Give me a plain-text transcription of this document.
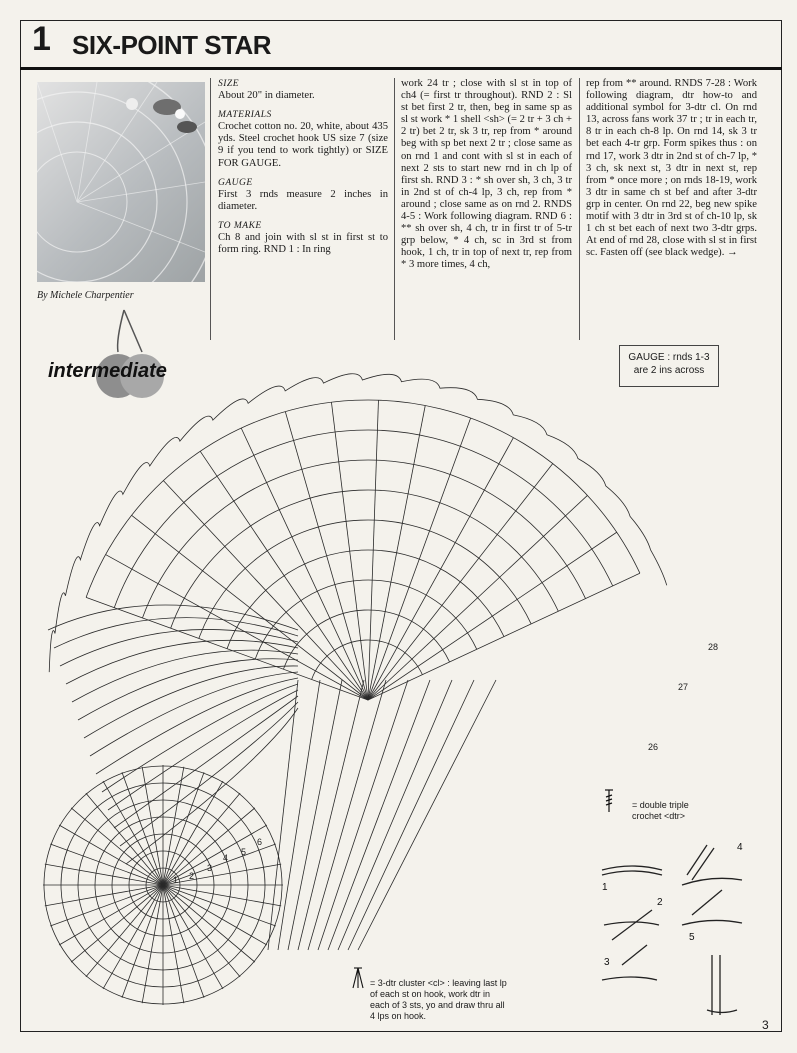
1 SIX-POINT STAR
By Michele Charpentier
intermediate
SIZE
About 20" in diameter.
MATERIALS
Crochet cotton no. 20, white, about 435 yds. Steel crochet hook US size 7 (size 9 if you tend to work tightly) or SIZE FOR GAUGE.
GAUGE
First 3 rnds measure 2 inches in diameter.
TO MAKE
Ch 8 and join with sl st in first st to form ring. RND 1 : In ring
work 24 tr ; close with sl st in top of ch4 (= first tr throughout). RND 2 : Sl st bet first 2 tr, then, beg in same sp as sl st work * 1 shell <sh> (= 2 tr + 3 ch + 2 tr) bet 2 tr, sk 3 tr, rep from * around beg with sp bet next 2 tr ; close same as on rnd 1 and cont with sl st in each of next 2 sts to start new rnd in ch lp of first sh. RND 3 : * sh over sh, 3 ch, 3 tr in 2nd st of ch-4 lp, 3 ch, rep from * around ; close same as on rnd 2. RNDS 4-5 : Work following diagram. RND 6 : ** sh over sh, 4 ch, tr in first tr of 5-tr grp below, * 4 ch, sc in 3rd st from hook, 1 ch, tr in top of next tr, rep from * 3 more times, 4 ch,
rep from ** around. RNDS 7-28 : Work following diagram, dtr how-to and additional symbol for 3-dtr cl. On rnd 13, across fans work 37 tr ; tr in each tr, 8 tr in each ch-8 lp. On rnd 14, sk 3 tr bet each 4-tr grp. Form spikes thus : on rnd 17, work 3 dtr in 2nd st of ch-7 lp, * 3 ch, sk next st, 3 dtr in next st, rep from * once more ; on rnds 18-19, work 3 dtr in same ch st bef and after 3-dtr grp in center. On rnd 22, beg new spike motif with 3 dtr in 3rd st of ch-10 lp, sk 1 ch st bet each of next two 3-dtr grps. At end of rnd 28, close with sl st in first sc. Fasten off (see black wedge). →
GAUGE : rnds 1-3 are 2 ins across
1 2
3
4
5
6
26
27
28
1
2
3
4
5
= double triple crochet <dtr>
= 3-dtr cluster <cl> : leaving last lp of each st on hook, work dtr in each of 3 sts, yo and draw thru all 4 lps on hook.
3
